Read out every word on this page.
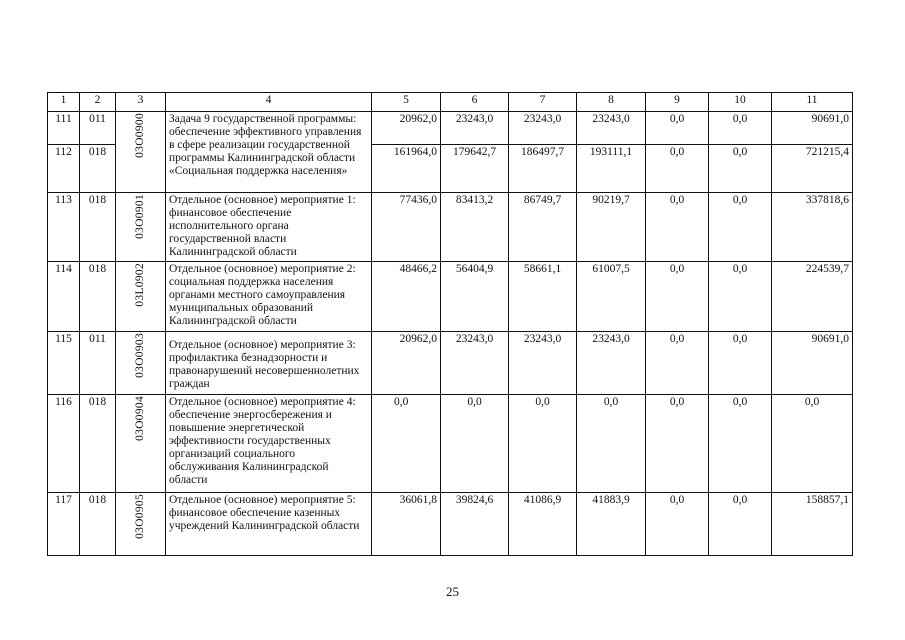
1	2	3	4	5	6	7	8	9	10	11
111	011	03О0900	Задача 9 государственной программы: обеспечение эффективного управления в сфере реализации государственной программы Калининградской области «Социальная поддержка населения»	20962,0	23243,0	23243,0	23243,0	0,0	0,0	90691,0
112	018			161964,0	179642,7	186497,7	193111,1	0,0	0,0	721215,4
113	018	03О0901	Отдельное (основное) мероприятие 1: финансовое обеспечение исполнительного органа государственной власти Калининградской области	77436,0	83413,2	86749,7	90219,7	0,0	0,0	337818,6
114	018	03L0902	Отдельное (основное) мероприятие 2: социальная поддержка населения органами местного самоуправления муниципальных образований Калининградской области	48466,2	56404,9	58661,1	61007,5	0,0	0,0	224539,7
115	011	03О0903	Отдельное (основное) мероприятие 3: профилактика безнадзорности и правонарушений несовершеннолетних граждан	20962,0	23243,0	23243,0	23243,0	0,0	0,0	90691,0
116	018	03О0904	Отдельное (основное) мероприятие 4: обеспечение энергосбережения и повышение энергетической эффективности государственных организаций социального обслуживания Калининградской области	0,0	0,0	0,0	0,0	0,0	0,0	0,0
117	018	03О0905	Отдельное (основное) мероприятие 5: финансовое обеспечение казенных учреждений Калининградской области	36061,8	39824,6	41086,9	41883,9	0,0	0,0	158857,1
25
